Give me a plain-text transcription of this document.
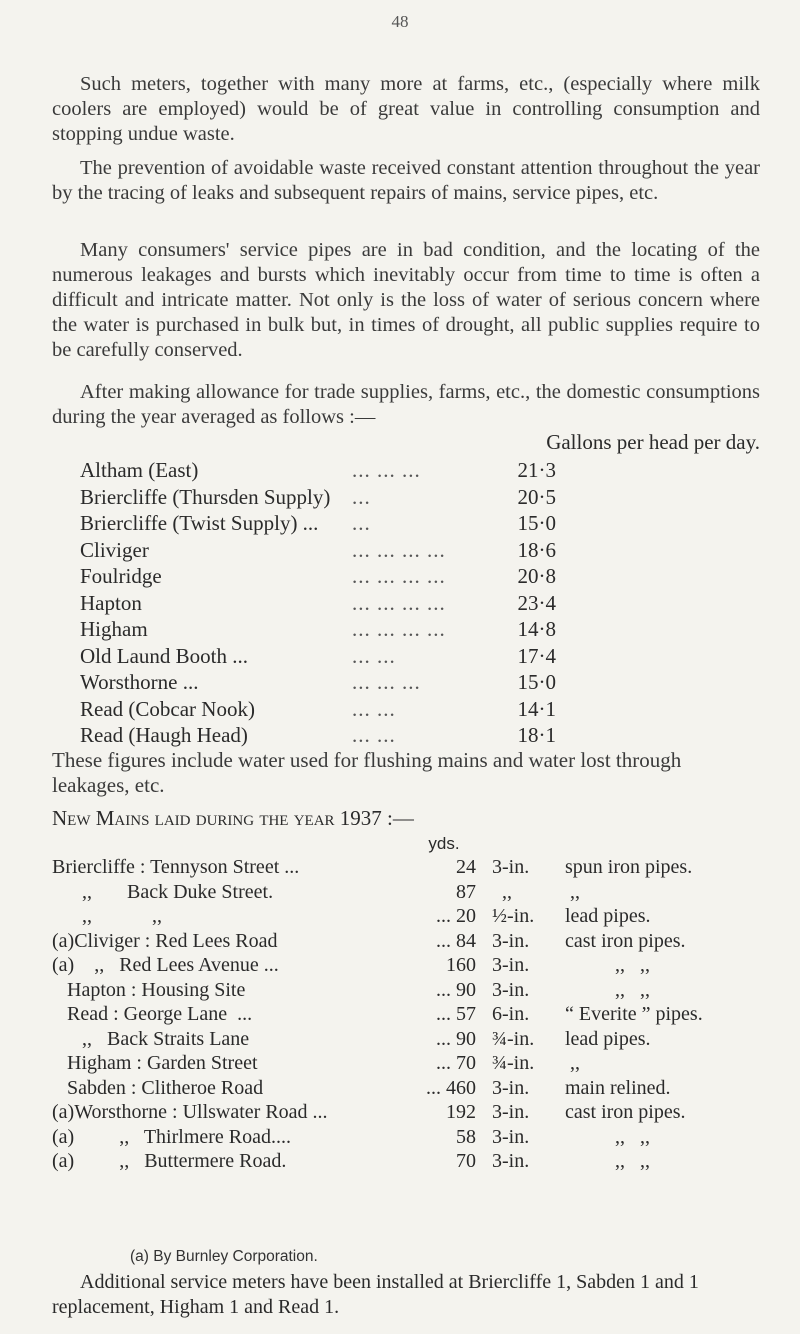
48

Such meters, together with many more at farms, etc., (especially where milk coolers are employed) would be of great value in controlling consumption and stopping undue waste.

The prevention of avoidable waste received constant attention throughout the year by the tracing of leaks and subsequent repairs of mains, service pipes, etc.

Many consumers' service pipes are in bad condition, and the locating of the numerous leakages and bursts which inevitably occur from time to time is often a difficult and intricate matter. Not only is the loss of water of serious concern where the water is purchased in bulk but, in times of drought, all public supplies require to be carefully conserved.

After making allowance for trade supplies, farms, etc., the domestic consumptions during the year averaged as follows :—

Gallons per head per day.
Altham (East)	... ... ...	21·3
Briercliffe (Thursden Supply) ...	20·5
Briercliffe (Twist Supply) ... ...	15·0
Cliviger	... ... ... ...	18·6
Foulridge	... ... ... ...	20·8
Hapton	... ... ... ...	23·4
Higham	... ... ... ...	14·8
Old Laund Booth ...	... ...	17·4
Worsthorne ...	... ... ...	15·0
Read (Cobcar Nook)	... ...	14·1
Read (Haugh Head)	... ...	18·1

These figures include water used for flushing mains and water lost through leakages, etc.

New Mains laid during the year 1937 :—
yds.
Briercliffe : Tennyson Street ...	24 3-in. spun iron pipes.
,,       Back Duke Street.	87 ,,	,,
,,            ,,	... 20 ½-in. lead pipes.
(a)Cliviger : Red Lees Road	... 84 3-in. cast iron pipes.
(a)    ,,   Red Lees Avenue ...	160 3-in. ,,   ,,
Hapton : Housing Site	... 90 3-in. ,,   ,,
Read : George Lane  ...	... 57 6-in. “ Everite ” pipes.
,,   Back Straits Lane	... 90 ¾-in. lead pipes.
Higham : Garden Street	... 70 ¾-in. ,,
Sabden : Clitheroe Road	... 460 3-in. main relined.
(a)Worsthorne : Ullswater Road ...	192 3-in. cast iron pipes.
(a)         ,,   Thirlmere Road....	58 3-in. ,,   ,,
(a)         ,,   Buttermere Road.	70 3-in. ,,   ,,
(a) By Burnley Corporation.

Additional service meters have been installed at Briercliffe 1, Sabden 1 and 1 replacement, Higham 1 and Read 1.
